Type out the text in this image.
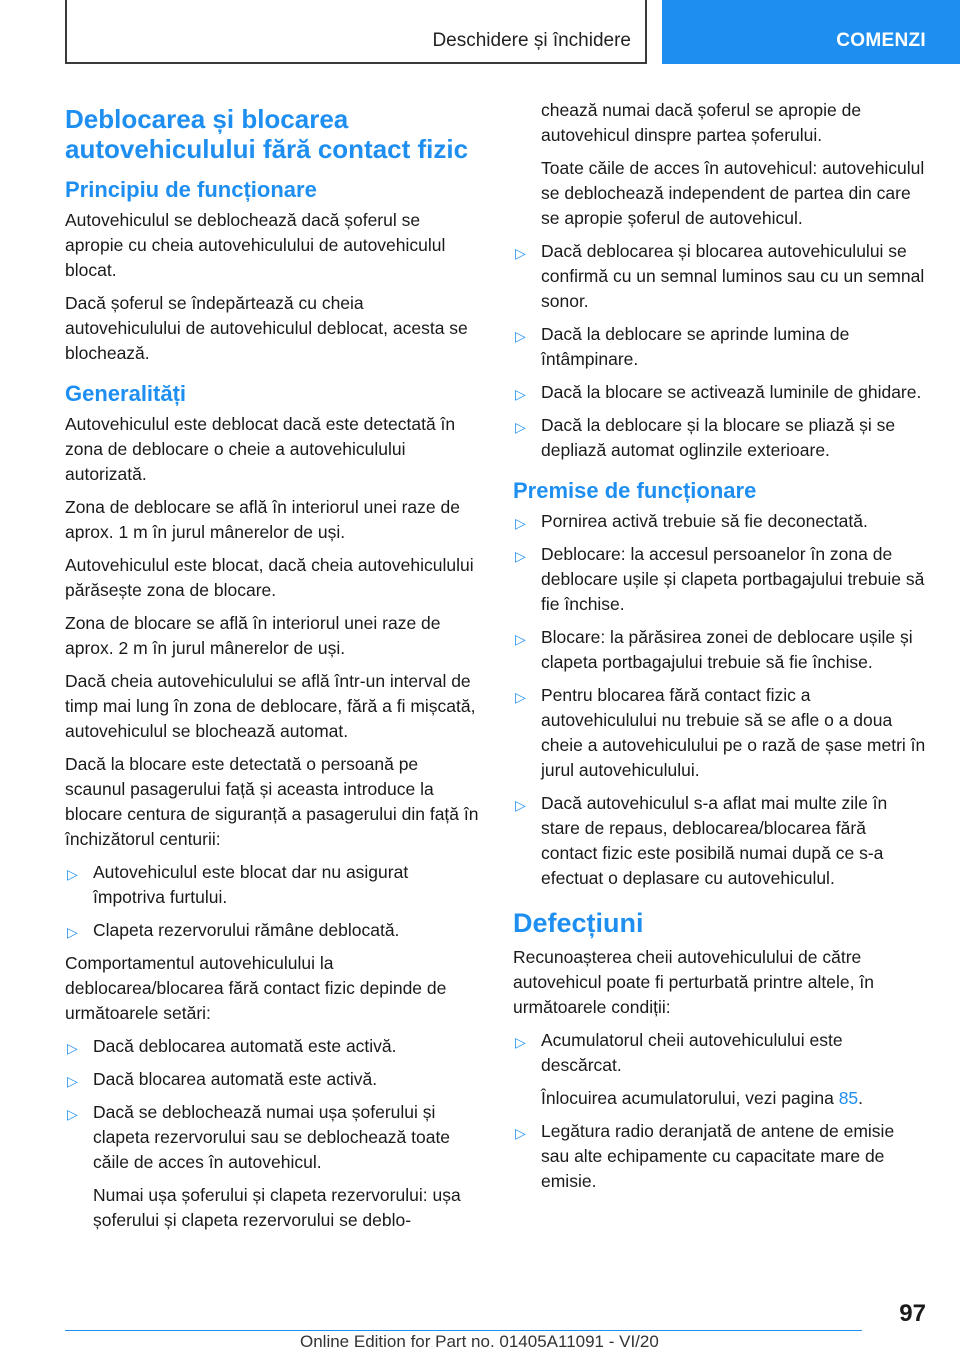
Deschidere și închidere	COMENZI
Deblocarea și blocarea autovehiculului fără contact fizic
Principiu de funcționare

Autovehiculul se deblochează dacă șoferul se apropie cu cheia autovehiculului de autovehiculul blocat.

Dacă șoferul se îndepărtează cu cheia autovehiculului de autovehiculul deblocat, acesta se blochează.

Generalități

Autovehiculul este deblocat dacă este detectată în zona de deblocare o cheie a autovehiculului autorizată.

Zona de deblocare se află în interiorul unei raze de aprox. 1 m în jurul mânerelor de uși.

Autovehiculul este blocat, dacă cheia autovehiculului părăsește zona de blocare.

Zona de blocare se află în interiorul unei raze de aprox. 2 m în jurul mânerelor de uși.

Dacă cheia autovehiculului se află într-un interval de timp mai lung în zona de deblocare, fără a fi mișcată, autovehiculul se blochează automat.

Dacă la blocare este detectată o persoană pe scaunul pasagerului față și aceasta introduce la blocare centura de siguranță a pasagerului din față în închizătorul centurii:

▷ Autovehiculul este blocat dar nu asigurat împotriva furtului.
▷ Clapeta rezervorului rămâne deblocată.

Comportamentul autovehiculului la deblocarea/blocarea fără contact fizic depinde de următoarele setări:

▷ Dacă deblocarea automată este activă.
▷ Dacă blocarea automată este activă.
▷ Dacă se deblochează numai ușa șoferului și clapeta rezervorului sau se deblochează toate căile de acces în autovehicul.

Numai ușa șoferului și clapeta rezervorului: ușa șoferului și clapeta rezervorului se deblo-

chează numai dacă șoferul se apropie de autovehicul dinspre partea șoferului.

Toate căile de acces în autovehicul: autovehiculul se deblochează independent de partea din care se apropie șoferul de autovehicul.

▷ Dacă deblocarea și blocarea autovehiculului se confirmă cu un semnal luminos sau cu un semnal sonor.
▷ Dacă la deblocare se aprinde lumina de întâmpinare.
▷ Dacă la blocare se activează luminile de ghidare.
▷ Dacă la deblocare și la blocare se pliază și se depliază automat oglinzile exterioare.
Premise de funcționare
▷ Pornirea activă trebuie să fie deconectată.
▷ Deblocare: la accesul persoanelor în zona de deblocare ușile și clapeta portbagajului trebuie să fie închise.
▷ Blocare: la părăsirea zonei de deblocare ușile și clapeta portbagajului trebuie să fie închise.
▷ Pentru blocarea fără contact fizic a autovehiculului nu trebuie să se afle o a doua cheie a autovehiculului pe o rază de șase metri în jurul autovehiculului.
▷ Dacă autovehiculul s-a aflat mai multe zile în stare de repaus, deblocarea/blocarea fără contact fizic este posibilă numai după ce s-a efectuat o deplasare cu autovehiculul.
Defecțiuni

Recunoașterea cheii autovehiculului de către autovehicul poate fi perturbată printre altele, în următoarele condiții:

▷ Acumulatorul cheii autovehiculului este descărcat.

Înlocuirea acumulatorului, vezi pagina 85.

▷ Legătura radio deranjată de antene de emisie sau alte echipamente cu capacitate mare de emisie.
97
Online Edition for Part no. 01405A11091 - VI/20
